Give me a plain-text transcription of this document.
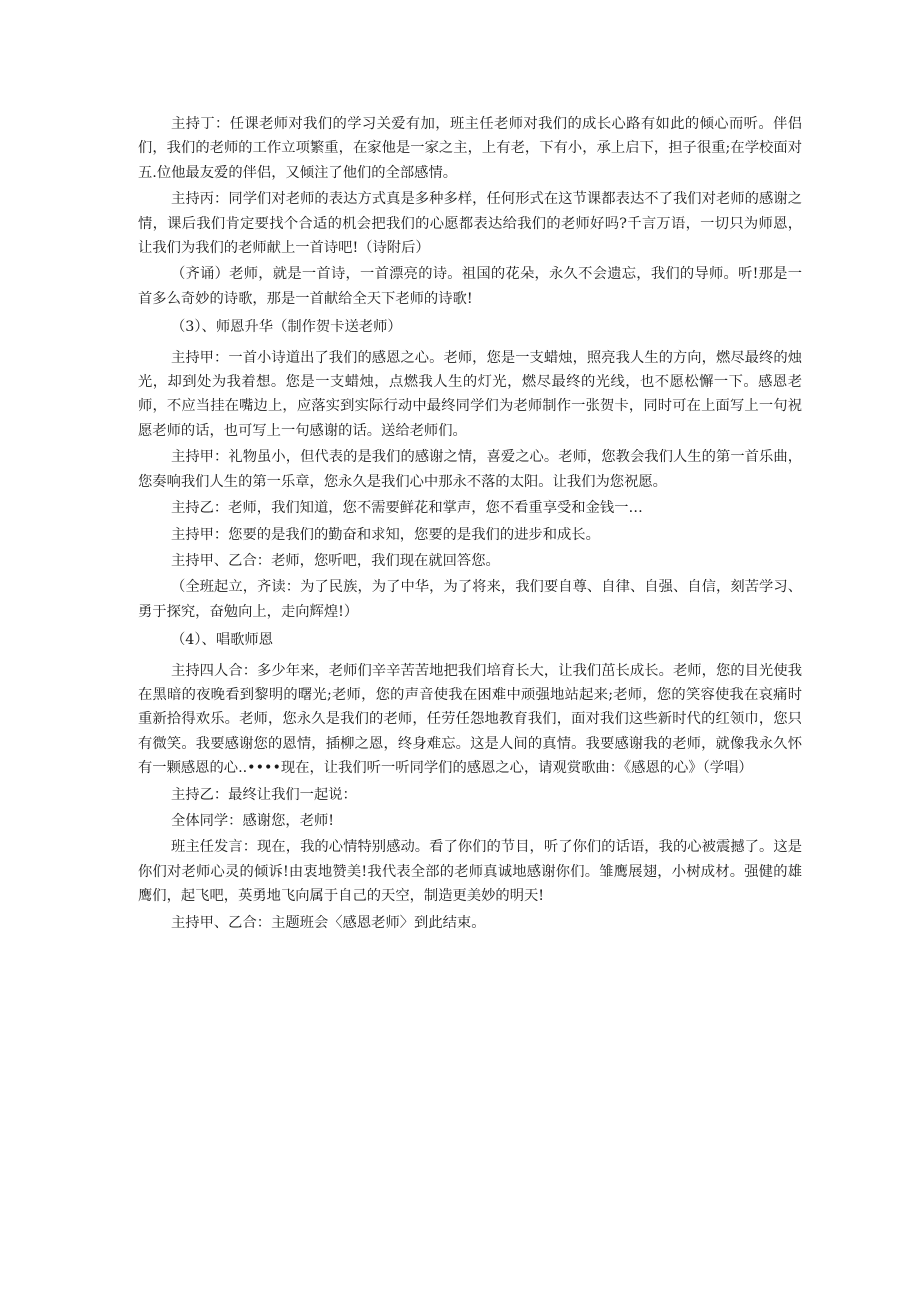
主持丁：任课老师对我们的学习关爱有加，班主任老师对我们的成长心路有如此的倾心而听。伴侣们，我们的老师的工作立项繁重，在家他是一家之主，上有老，下有小，承上启下，担子很重;在学校面对五.位他最友爱的伴侣，又倾注了他们的全部感情。

主持丙：同学们对老师的表达方式真是多种多样，任何形式在这节课都表达不了我们对老师的感谢之情，课后我们肯定要找个合适的机会把我们的心愿都表达给我们的老师好吗?千言万语，一切只为师恩，让我们为我们的老师献上一首诗吧!（诗附后）

（齐诵）老师，就是一首诗，一首漂亮的诗。祖国的花朵，永久不会遗忘，我们的导师。听!那是一首多么奇妙的诗歌，那是一首献给全天下老师的诗歌!

（3）、师恩升华（制作贺卡送老师）

主持甲：一首小诗道出了我们的感恩之心。老师，您是一支蜡烛，照亮我人生的方向，燃尽最终的烛光，却到处为我着想。您是一支蜡烛，点燃我人生的灯光，燃尽最终的光线，也不愿松懈一下。感恩老师，不应当挂在嘴边上，应落实到实际行动中最终同学们为老师制作一张贺卡，同时可在上面写上一句祝愿老师的话，也可写上一句感谢的话。送给老师们。

主持甲：礼物虽小，但代表的是我们的感谢之情，喜爱之心。老师，您教会我们人生的第一首乐曲，您奏响我们人生的第一乐章，您永久是我们心中那永不落的太阳。让我们为您祝愿。

主持乙：老师，我们知道，您不需要鲜花和掌声，您不看重享受和金钱一…

主持甲：您要的是我们的勤奋和求知，您要的是我们的进步和成长。

主持甲、乙合：老师，您听吧，我们现在就回答您。

（全班起立，齐读：为了民族，为了中华，为了将来，我们要自尊、自律、自强、自信，刻苦学习、勇于探究，奋勉向上，走向辉煌!）

（4）、唱歌师恩

主持四人合：多少年来，老师们辛辛苦苦地把我们培育长大，让我们茁长成长。老师，您的目光使我在黑暗的夜晚看到黎明的曙光;老师，您的声音使我在困难中顽强地站起来;老师，您的笑容使我在哀痛时重新拾得欢乐。老师，您永久是我们的老师，任劳任怨地教育我们，面对我们这些新时代的红领巾，您只有微笑。我要感谢您的恩情，插柳之恩，终身难忘。这是人间的真情。我要感谢我的老师，就像我永久怀有一颗感恩的心..••••现在，让我们听一听同学们的感恩之心，请观赏歌曲：《感恩的心》（学唱）

主持乙：最终让我们一起说：

全体同学：感谢您，老师!

班主任发言：现在，我的心情特别感动。看了你们的节目，听了你们的话语，我的心被震撼了。这是你们对老师心灵的倾诉!由衷地赞美!我代表全部的老师真诚地感谢你们。雏鹰展翅，小树成材。强健的雄鹰们，起飞吧，英勇地飞向属于自己的天空，制造更美妙的明天!

主持甲、乙合：主题班会〈感恩老师〉到此结束。
